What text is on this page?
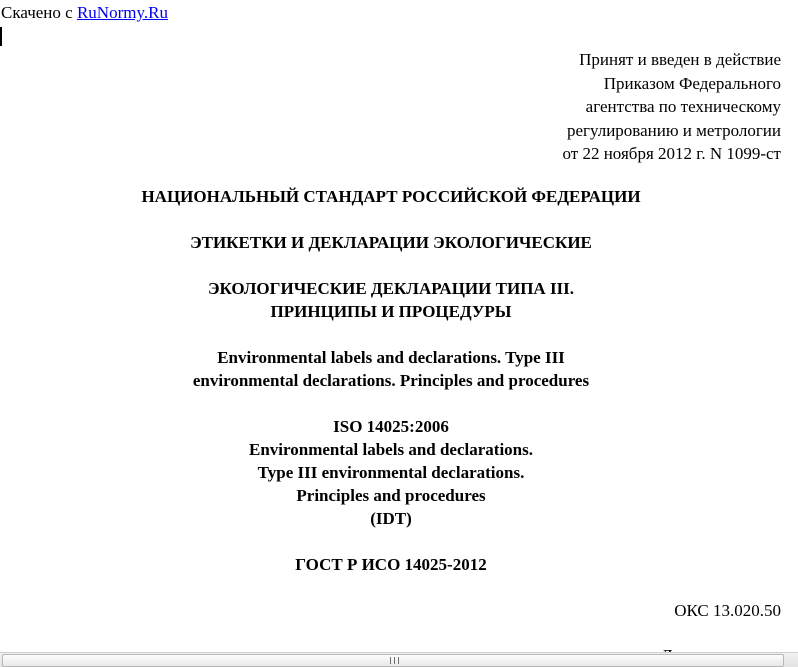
Скачено с RuNormy.Ru
Принят и введен в действие
Приказом Федерального
агентства по техническому
регулированию и метрологии
от 22 ноября 2012 г. N 1099-ст
НАЦИОНАЛЬНЫЙ СТАНДАРТ РОССИЙСКОЙ ФЕДЕРАЦИИ
ЭТИКЕТКИ И ДЕКЛАРАЦИИ ЭКОЛОГИЧЕСКИЕ
ЭКОЛОГИЧЕСКИЕ ДЕКЛАРАЦИИ ТИПА III.
ПРИНЦИПЫ И ПРОЦЕДУРЫ
Environmental labels and declarations. Type III
environmental declarations. Principles and procedures
ISO 14025:2006
Environmental labels and declarations.
Type III environmental declarations.
Principles and procedures
(IDT)
ГОСТ Р ИСО 14025-2012
ОКС 13.020.50
